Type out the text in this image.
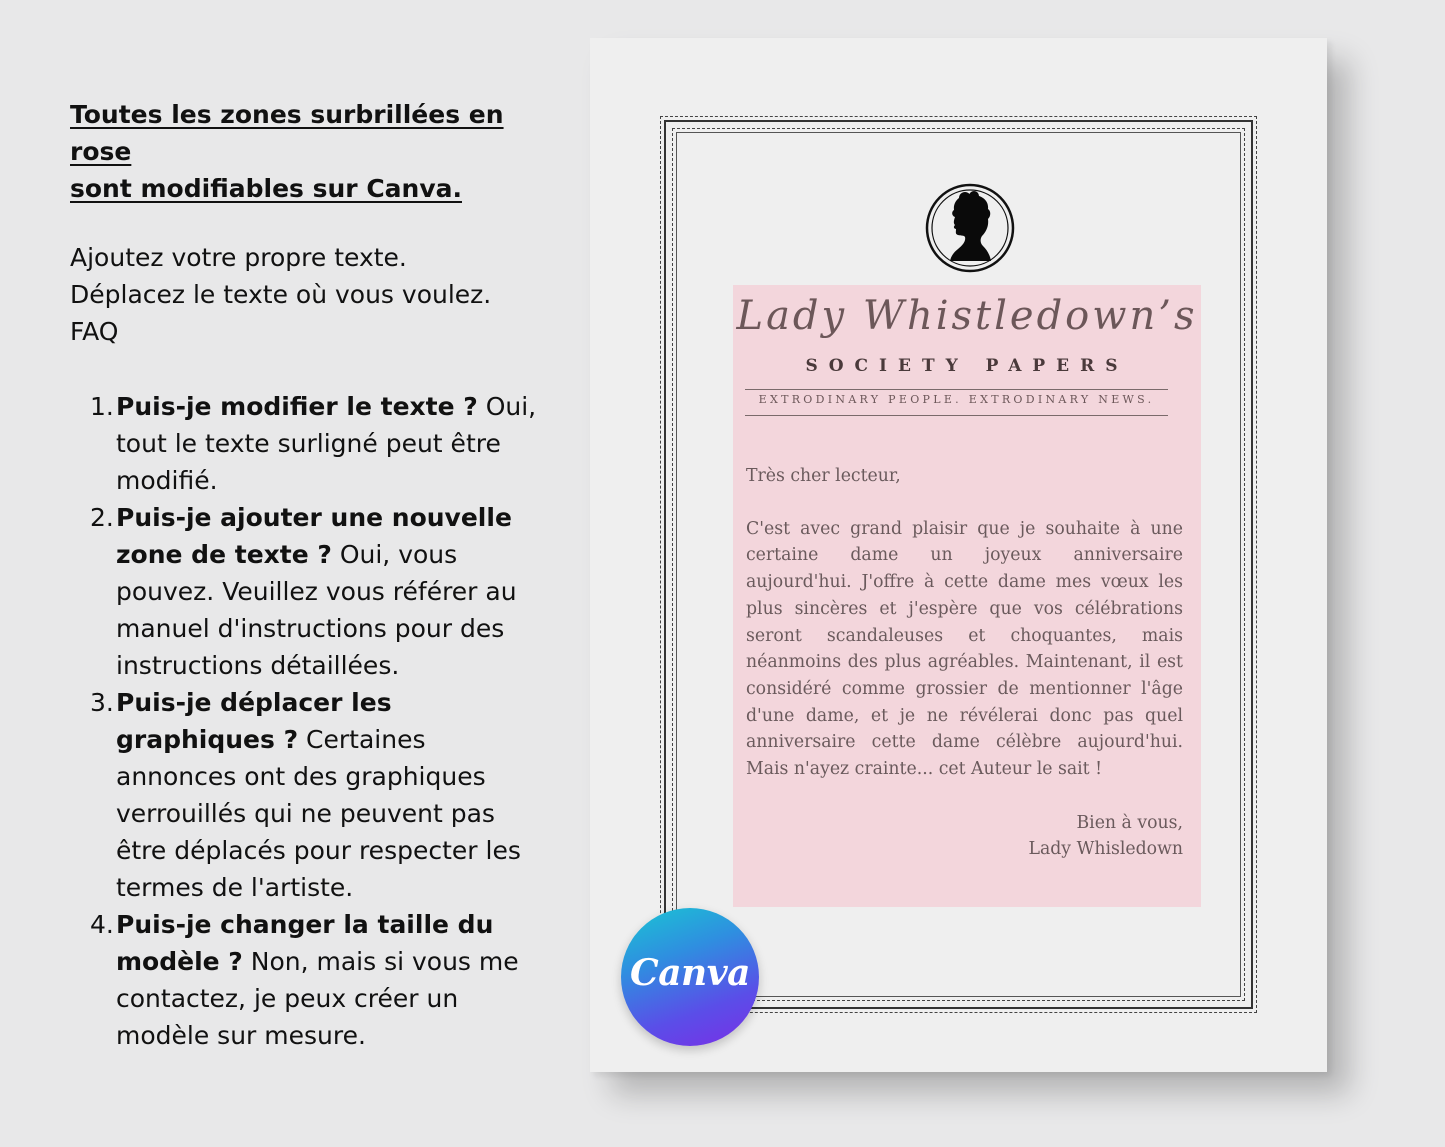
Toutes les zones surbrillées en rose
sont modifiables sur Canva.
Ajoutez votre propre texte.
Déplacez le texte où vous voulez.
FAQ
1. Puis-je modifier le texte ? Oui, tout le texte surligné peut être modifié.
2. Puis-je ajouter une nouvelle zone de texte ? Oui, vous pouvez. Veuillez vous référer au manuel d'instructions pour des instructions détaillées.
3. Puis-je déplacer les graphiques ? Certaines annonces ont des graphiques verrouillés qui ne peuvent pas être déplacés pour respecter les termes de l'artiste.
4. Puis-je changer la taille du modèle ? Non, mais si vous me contactez, je peux créer un modèle sur mesure.
Lady Whistledown’s
SOCIETY PAPERS
EXTRODINARY PEOPLE. EXTRODINARY NEWS.

Très cher lecteur,

C'est avec grand plaisir que je souhaite à une certaine dame un joyeux anniversaire aujourd'hui. J'offre à cette dame mes vœux les plus sincères et j'espère que vos célébrations seront scandaleuses et choquantes, mais néanmoins des plus agréables. Maintenant, il est considéré comme grossier de mentionner l'âge d'une dame, et je ne révélerai donc pas quel anniversaire cette dame célèbre aujourd'hui. Mais n'ayez crainte... cet Auteur le sait !

Bien à vous,
Lady Whisledown
Canva
